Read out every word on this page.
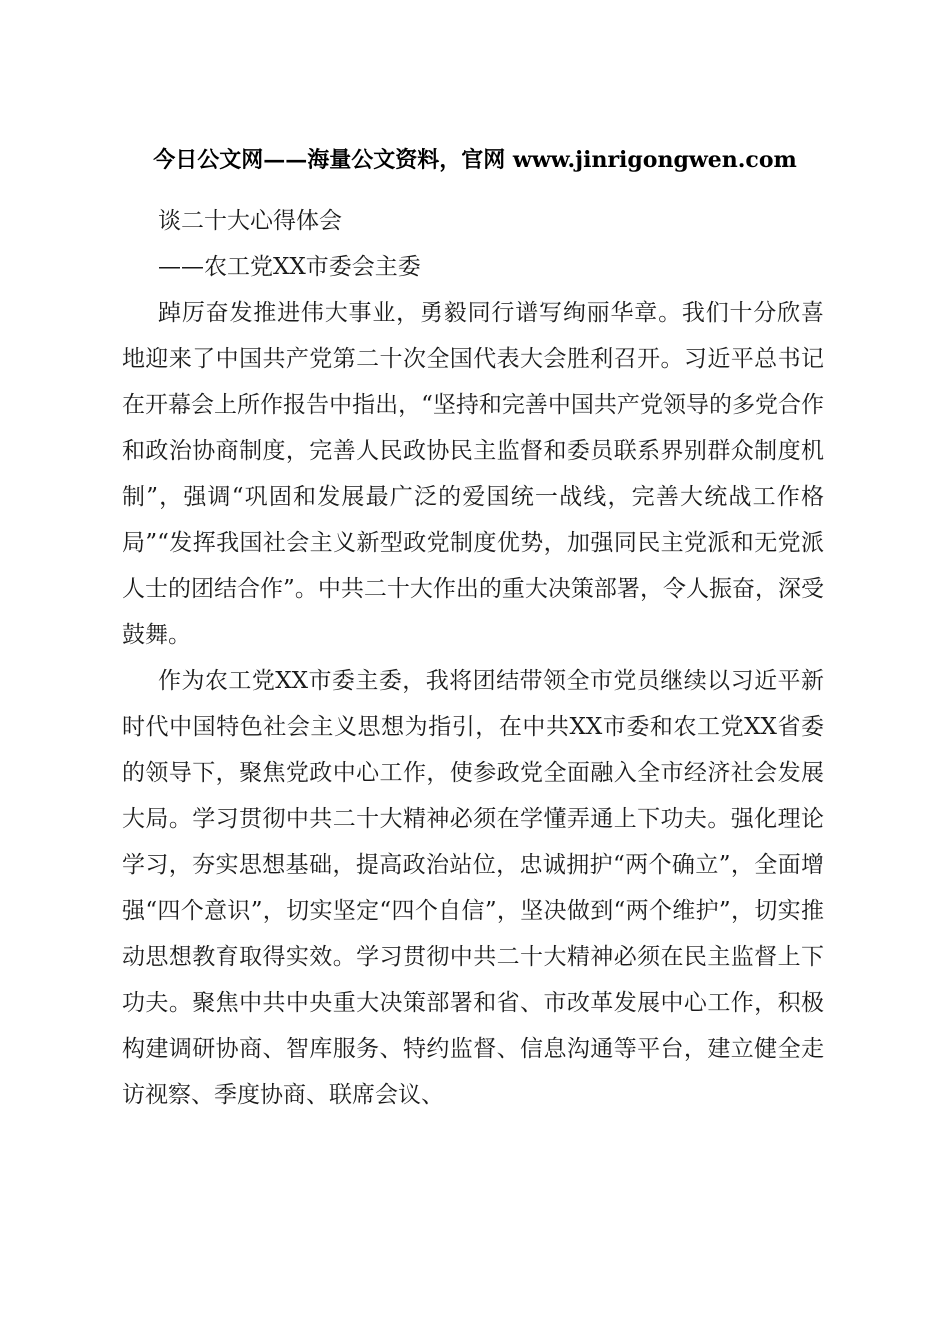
今日公文网——海量公文资料，官网 www.jinrigongwen.com
谈二十大心得体会
——农工党XX市委会主委

踔厉奋发推进伟大事业，勇毅同行谱写绚丽华章。我们十分欣喜地迎来了中国共产党第二十次全国代表大会胜利召开。习近平总书记在开幕会上所作报告中指出，“坚持和完善中国共产党领导的多党合作和政治协商制度，完善人民政协民主监督和委员联系界别群众制度机制”，强调“巩固和发展最广泛的爱国统一战线，完善大统战工作格局”“发挥我国社会主义新型政党制度优势，加强同民主党派和无党派人士的团结合作”。中共二十大作出的重大决策部署，令人振奋，深受鼓舞。

作为农工党XX市委主委，我将团结带领全市党员继续以习近平新时代中国特色社会主义思想为指引，在中共XX市委和农工党XX省委的领导下，聚焦党政中心工作，使参政党全面融入全市经济社会发展大局。学习贯彻中共二十大精神必须在学懂弄通上下功夫。强化理论学习，夯实思想基础，提高政治站位，忠诚拥护“两个确立”，全面增强“四个意识”，切实坚定“四个自信”，坚决做到“两个维护”，切实推动思想教育取得实效。学习贯彻中共二十大精神必须在民主监督上下功夫。聚焦中共中央重大决策部署和省、市改革发展中心工作，积极构建调研协商、智库服务、特约监督、信息沟通等平台，建立健全走访视察、季度协商、联席会议、
